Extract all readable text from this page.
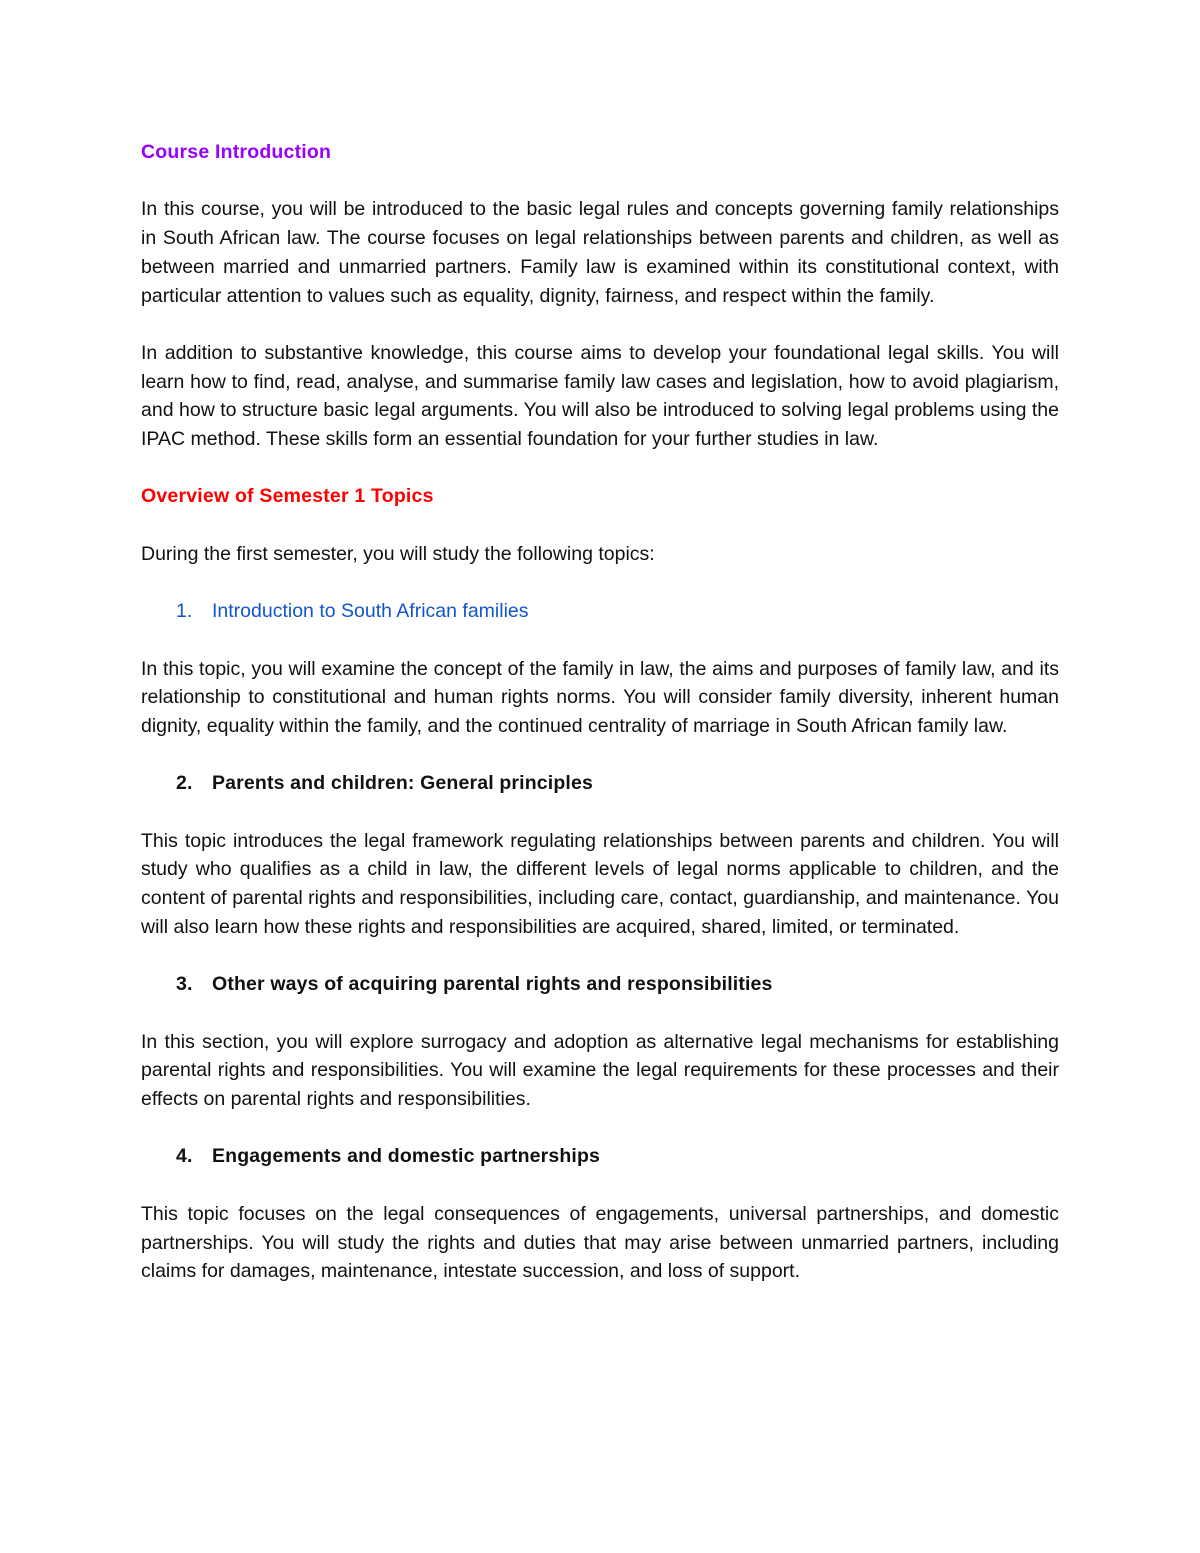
Course Introduction

In this course, you will be introduced to the basic legal rules and concepts governing family relationships in South African law. The course focuses on legal relationships between parents and children, as well as between married and unmarried partners. Family law is examined within its constitutional context, with particular attention to values such as equality, dignity, fairness, and respect within the family.

In addition to substantive knowledge, this course aims to develop your foundational legal skills. You will learn how to find, read, analyse, and summarise family law cases and legislation, how to avoid plagiarism, and how to structure basic legal arguments. You will also be introduced to solving legal problems using the IPAC method. These skills form an essential foundation for your further studies in law.

Overview of Semester 1 Topics

During the first semester, you will study the following topics:

1.	Introduction to South African families

In this topic, you will examine the concept of the family in law, the aims and purposes of family law, and its relationship to constitutional and human rights norms. You will consider family diversity, inherent human dignity, equality within the family, and the continued centrality of marriage in South African family law.

2. Parents and children: General principles

This topic introduces the legal framework regulating relationships between parents and children. You will study who qualifies as a child in law, the different levels of legal norms applicable to children, and the content of parental rights and responsibilities, including care, contact, guardianship, and maintenance. You will also learn how these rights and responsibilities are acquired, shared, limited, or terminated.

3. Other ways of acquiring parental rights and responsibilities

In this section, you will explore surrogacy and adoption as alternative legal mechanisms for establishing parental rights and responsibilities. You will examine the legal requirements for these processes and their effects on parental rights and responsibilities.

4. Engagements and domestic partnerships

This topic focuses on the legal consequences of engagements, universal partnerships, and domestic partnerships. You will study the rights and duties that may arise between unmarried partners, including claims for damages, maintenance, intestate succession, and loss of support.
